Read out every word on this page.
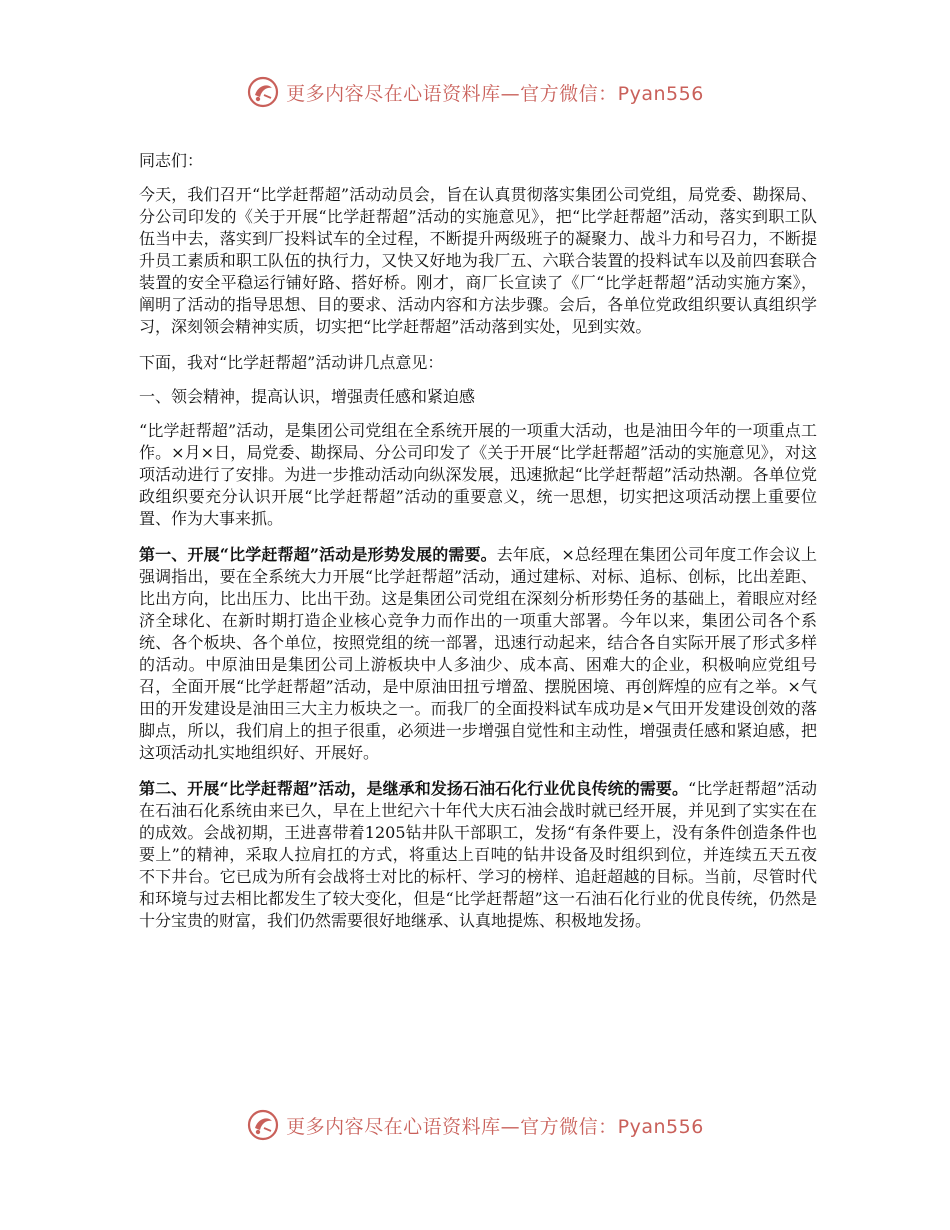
更多内容尽在心语资料库—官方微信：Pyan556

同志们：

今天，我们召开“比学赶帮超”活动动员会，旨在认真贯彻落实集团公司党组，局党委、勘探局、分公司印发的《关于开展“比学赶帮超”活动的实施意见》，把“比学赶帮超”活动，落实到职工队伍当中去，落实到厂投料试车的全过程，不断提升两级班子的凝聚力、战斗力和号召力，不断提升员工素质和职工队伍的执行力，又快又好地为我厂五、六联合装置的投料试车以及前四套联合装置的安全平稳运行铺好路、搭好桥。刚才，商厂长宣读了《厂“比学赶帮超”活动实施方案》，阐明了活动的指导思想、目的要求、活动内容和方法步骤。会后，各单位党政组织要认真组织学习，深刻领会精神实质，切实把“比学赶帮超”活动落到实处，见到实效。

下面，我对“比学赶帮超”活动讲几点意见：

一、领会精神，提高认识，增强责任感和紧迫感

“比学赶帮超”活动，是集团公司党组在全系统开展的一项重大活动，也是油田今年的一项重点工作。×月×日，局党委、勘探局、分公司印发了《关于开展“比学赶帮超”活动的实施意见》，对这项活动进行了安排。为进一步推动活动向纵深发展，迅速掀起“比学赶帮超”活动热潮。各单位党政组织要充分认识开展“比学赶帮超”活动的重要意义，统一思想，切实把这项活动摆上重要位置、作为大事来抓。

第一、开展“比学赶帮超”活动是形势发展的需要。去年底，×总经理在集团公司年度工作会议上强调指出，要在全系统大力开展“比学赶帮超”活动，通过建标、对标、追标、创标，比出差距、比出方向，比出压力、比出干劲。这是集团公司党组在深刻分析形势任务的基础上，着眼应对经济全球化、在新时期打造企业核心竞争力而作出的一项重大部署。今年以来，集团公司各个系统、各个板块、各个单位，按照党组的统一部署，迅速行动起来，结合各自实际开展了形式多样的活动。中原油田是集团公司上游板块中人多油少、成本高、困难大的企业，积极响应党组号召，全面开展“比学赶帮超”活动，是中原油田扭亏增盈、摆脱困境、再创辉煌的应有之举。×气田的开发建设是油田三大主力板块之一。而我厂的全面投料试车成功是×气田开发建设创效的落脚点，所以，我们肩上的担子很重，必须进一步增强自觉性和主动性，增强责任感和紧迫感，把这项活动扎实地组织好、开展好。

第二、开展“比学赶帮超”活动，是继承和发扬石油石化行业优良传统的需要。“比学赶帮超”活动在石油石化系统由来已久，早在上世纪六十年代大庆石油会战时就已经开展，并见到了实实在在的成效。会战初期，王进喜带着1205钻井队干部职工，发扬“有条件要上，没有条件创造条件也要上”的精神，采取人拉肩扛的方式，将重达上百吨的钻井设备及时组织到位，并连续五天五夜不下井台。它已成为所有会战将士对比的标杆、学习的榜样、追赶超越的目标。当前，尽管时代和环境与过去相比都发生了较大变化，但是“比学赶帮超”这一石油石化行业的优良传统，仍然是十分宝贵的财富，我们仍然需要很好地继承、认真地提炼、积极地发扬。

更多内容尽在心语资料库—官方微信：Pyan556
